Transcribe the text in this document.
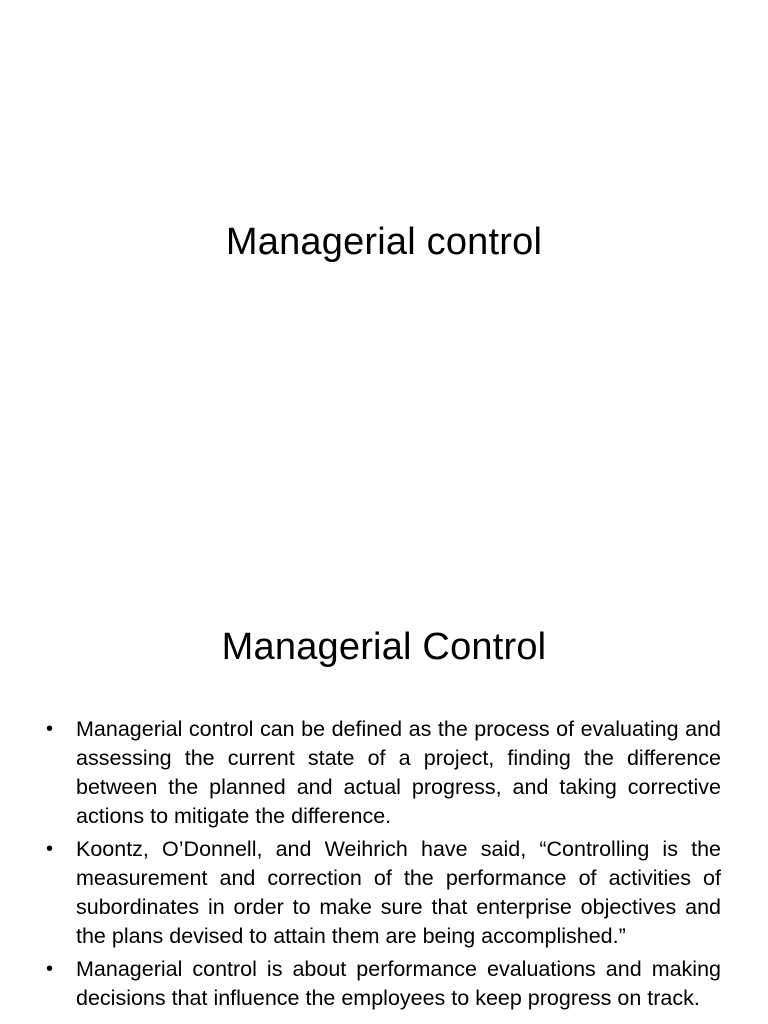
Managerial control
Managerial Control
• Managerial control can be defined as the process of evaluating and assessing the current state of a project, finding the difference between the planned and actual progress, and taking corrective actions to mitigate the difference.
• Koontz, O’Donnell, and Weihrich have said, “Controlling is the measurement and correction of the performance of activities of subordinates in order to make sure that enterprise objectives and the plans devised to attain them are being accomplished.”
• Managerial control is about performance evaluations and making decisions that influence the employees to keep progress on track.
